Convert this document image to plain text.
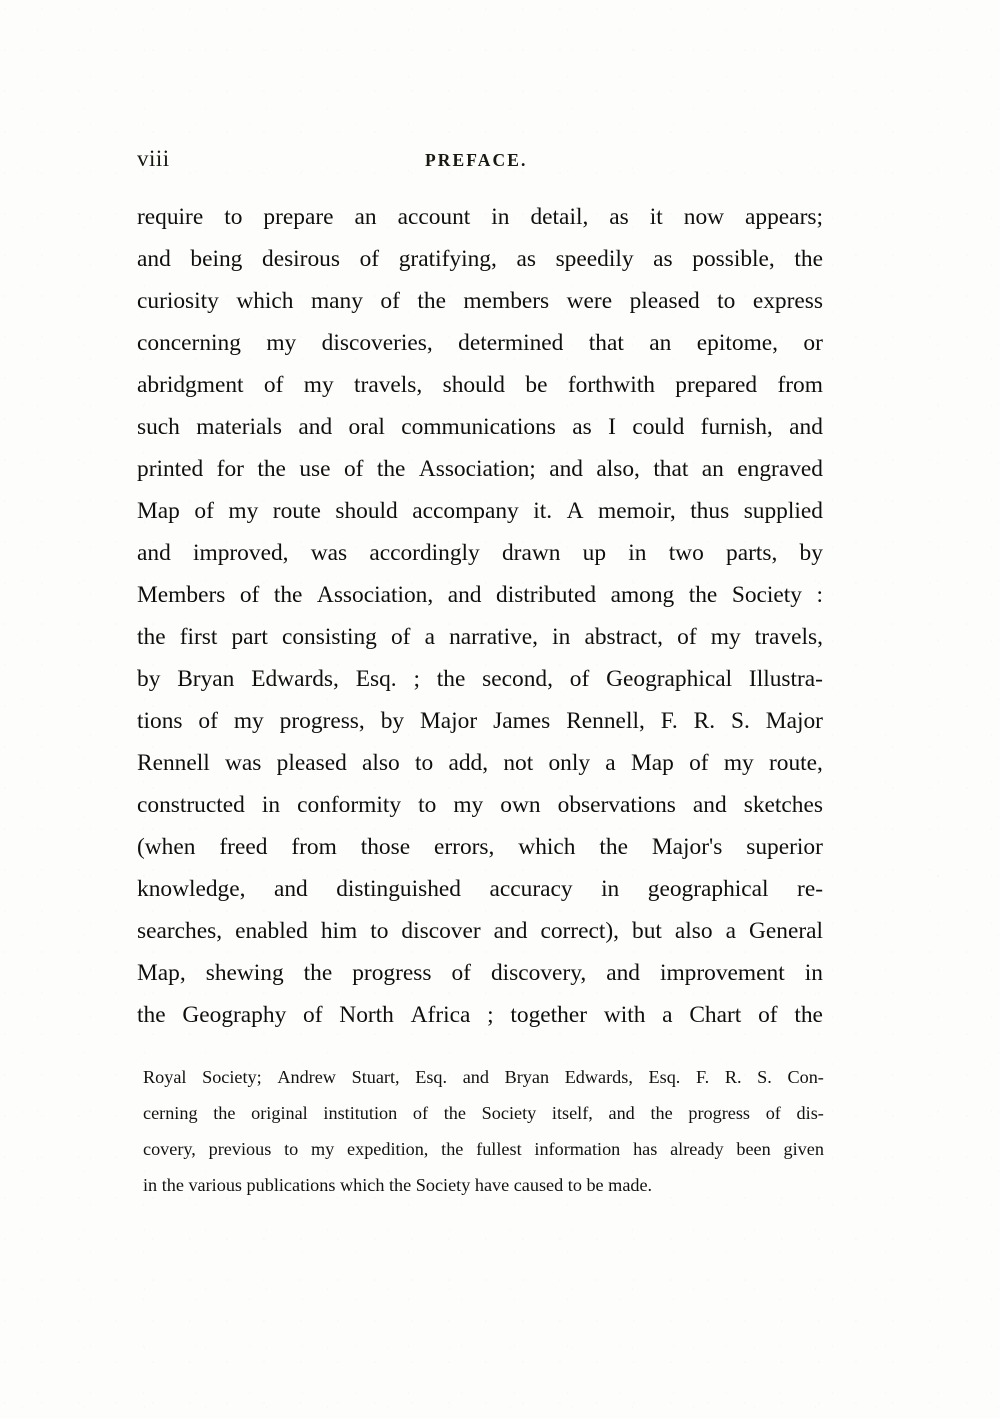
viii	PREFACE.
require to prepare an account in detail, as it now appears;
and being desirous of gratifying, as speedily as possible, the
curiosity which many of the members were pleased to express
concerning my discoveries, determined that an epitome, or
abridgment of my travels, should be forthwith prepared from
such materials and oral communications as I could furnish, and
printed for the use of the Association; and also, that an engraved
Map of my route should accompany it. A memoir, thus supplied
and improved, was accordingly drawn up in two parts, by
Members of the Association, and distributed among the Society :
the first part consisting of a narrative, in abstract, of my travels,
by Bryan Edwards, Esq. ; the second, of Geographical Illustra-
tions of my progress, by Major James Rennell, F. R. S. Major
Rennell was pleased also to add, not only a Map of my route,
constructed in conformity to my own observations and sketches
(when freed from those errors, which the Major's superior
knowledge, and distinguished accuracy in geographical re-
searches, enabled him to discover and correct), but also a General
Map, shewing the progress of discovery, and improvement in
the Geography of North Africa ; together with a Chart of the
Royal Society; Andrew Stuart, Esq. and Bryan Edwards, Esq. F. R. S. Con-
cerning the original institution of the Society itself, and the progress of dis-
covery, previous to my expedition, the fullest information has already been given
in the various publications which the Society have caused to be made.
